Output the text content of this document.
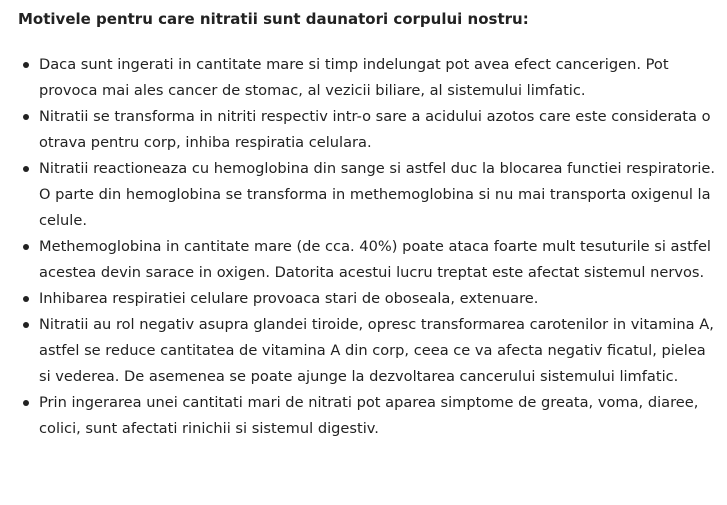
Motivele pentru care nitratii sunt daunatori corpului nostru:
Daca sunt ingerati in cantitate mare si timp indelungat pot avea efect cancerigen. Pot provoca mai ales cancer de stomac, al vezicii biliare, al sistemului limfatic.
Nitratii se transforma in nitriti respectiv intr-o sare a acidului azotos care este considerata o otrava pentru corp, inhiba respiratia celulara.
Nitratii reactioneaza cu hemoglobina din sange si astfel duc la blocarea functiei respiratorie. O parte din hemoglobina se transforma in methemoglobina si nu mai transporta oxigenul la celule.
Methemoglobina in cantitate mare (de cca. 40%) poate ataca foarte mult tesuturile si astfel acestea devin sarace in oxigen. Datorita acestui lucru treptat este afectat sistemul nervos.
Inhibarea respiratiei celulare provoaca stari de oboseala, extenuare.
Nitratii au rol negativ asupra glandei tiroide, opresc transformarea carotenilor in vitamina A, astfel se reduce cantitatea de vitamina A din corp, ceea ce va afecta negativ ficatul, pielea si vederea. De asemenea se poate ajunge la dezvoltarea cancerului sistemului limfatic.
Prin ingerarea unei cantitati mari de nitrati pot aparea simptome de greata, voma, diaree, colici, sunt afectati rinichii si sistemul digestiv.
